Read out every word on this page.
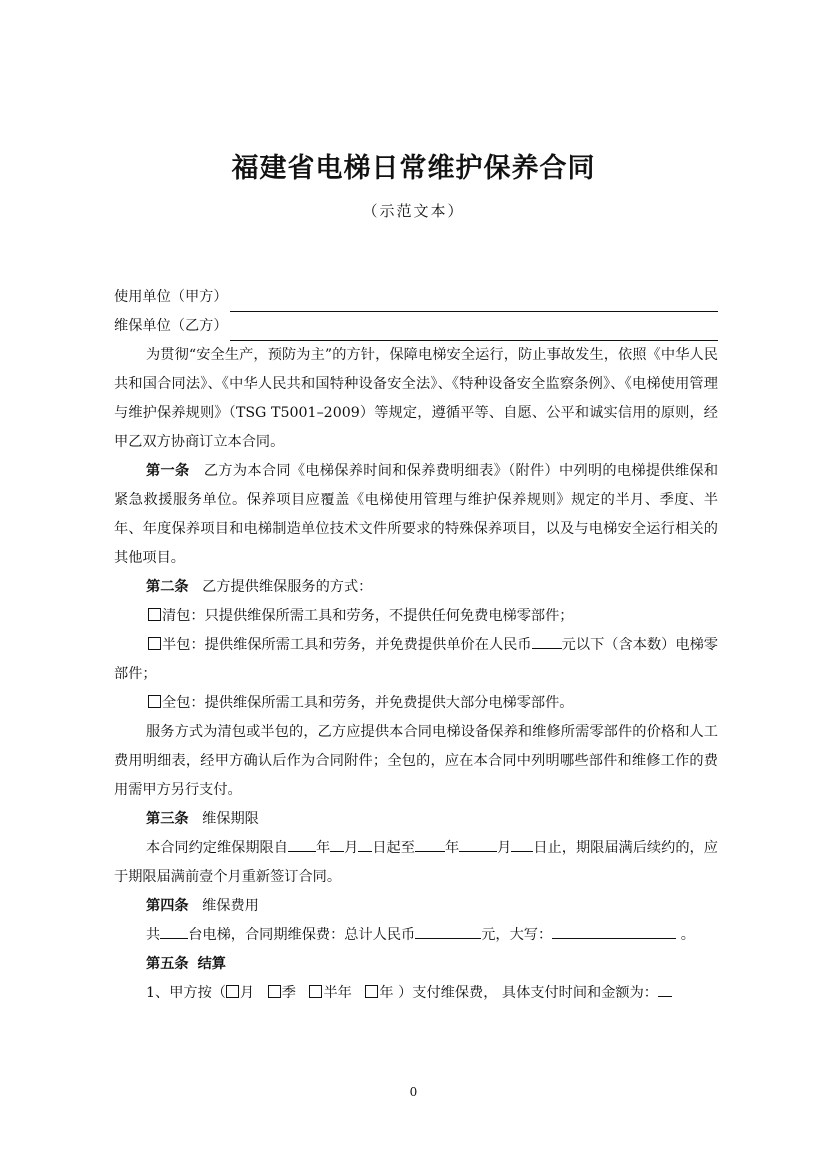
福建省电梯日常维护保养合同
（示范文本）
使用单位（甲方）
维保单位（乙方）

为贯彻“安全生产，预防为主”的方针，保障电梯安全运行，防止事故发生，依照《中华人民共和国合同法》、《中华人民共和国特种设备安全法》、《特种设备安全监察条例》、《电梯使用管理与维护保养规则》（TSG T5001–2009）等规定，遵循平等、自愿、公平和诚实信用的原则，经甲乙双方协商订立本合同。

第一条 乙方为本合同《电梯保养时间和保养费明细表》（附件）中列明的电梯提供维保和紧急救援服务单位。保养项目应覆盖《电梯使用管理与维护保养规则》规定的半月、季度、半年、年度保养项目和电梯制造单位技术文件所要求的特殊保养项目，以及与电梯安全运行相关的其他项目。

第二条 乙方提供维保服务的方式：

清包：只提供维保所需工具和劳务，不提供任何免费电梯零部件；

半包：提供维保所需工具和劳务，并免费提供单价在人民币 元以下（含本数）电梯零部件；

全包：提供维保所需工具和劳务，并免费提供大部分电梯零部件。

服务方式为清包或半包的，乙方应提供本合同电梯设备保养和维修所需零部件的价格和人工费用明细表，经甲方确认后作为合同附件；全包的，应在本合同中列明哪些部件和维修工作的费用需甲方另行支付。

第三条 维保期限

本合同约定维保期限自 年 月 日起至 年	月 日止，期限届满后续约的，应于期限届满前壹个月重新签订合同。

第四条 维保费用

共 台电梯，合同期维保费：总计人民币	元，大写：	。

第五条 结算

1、甲方按（ 月 季 半年 年 ）支付维保费， 具体支付时间和金额为：

0
